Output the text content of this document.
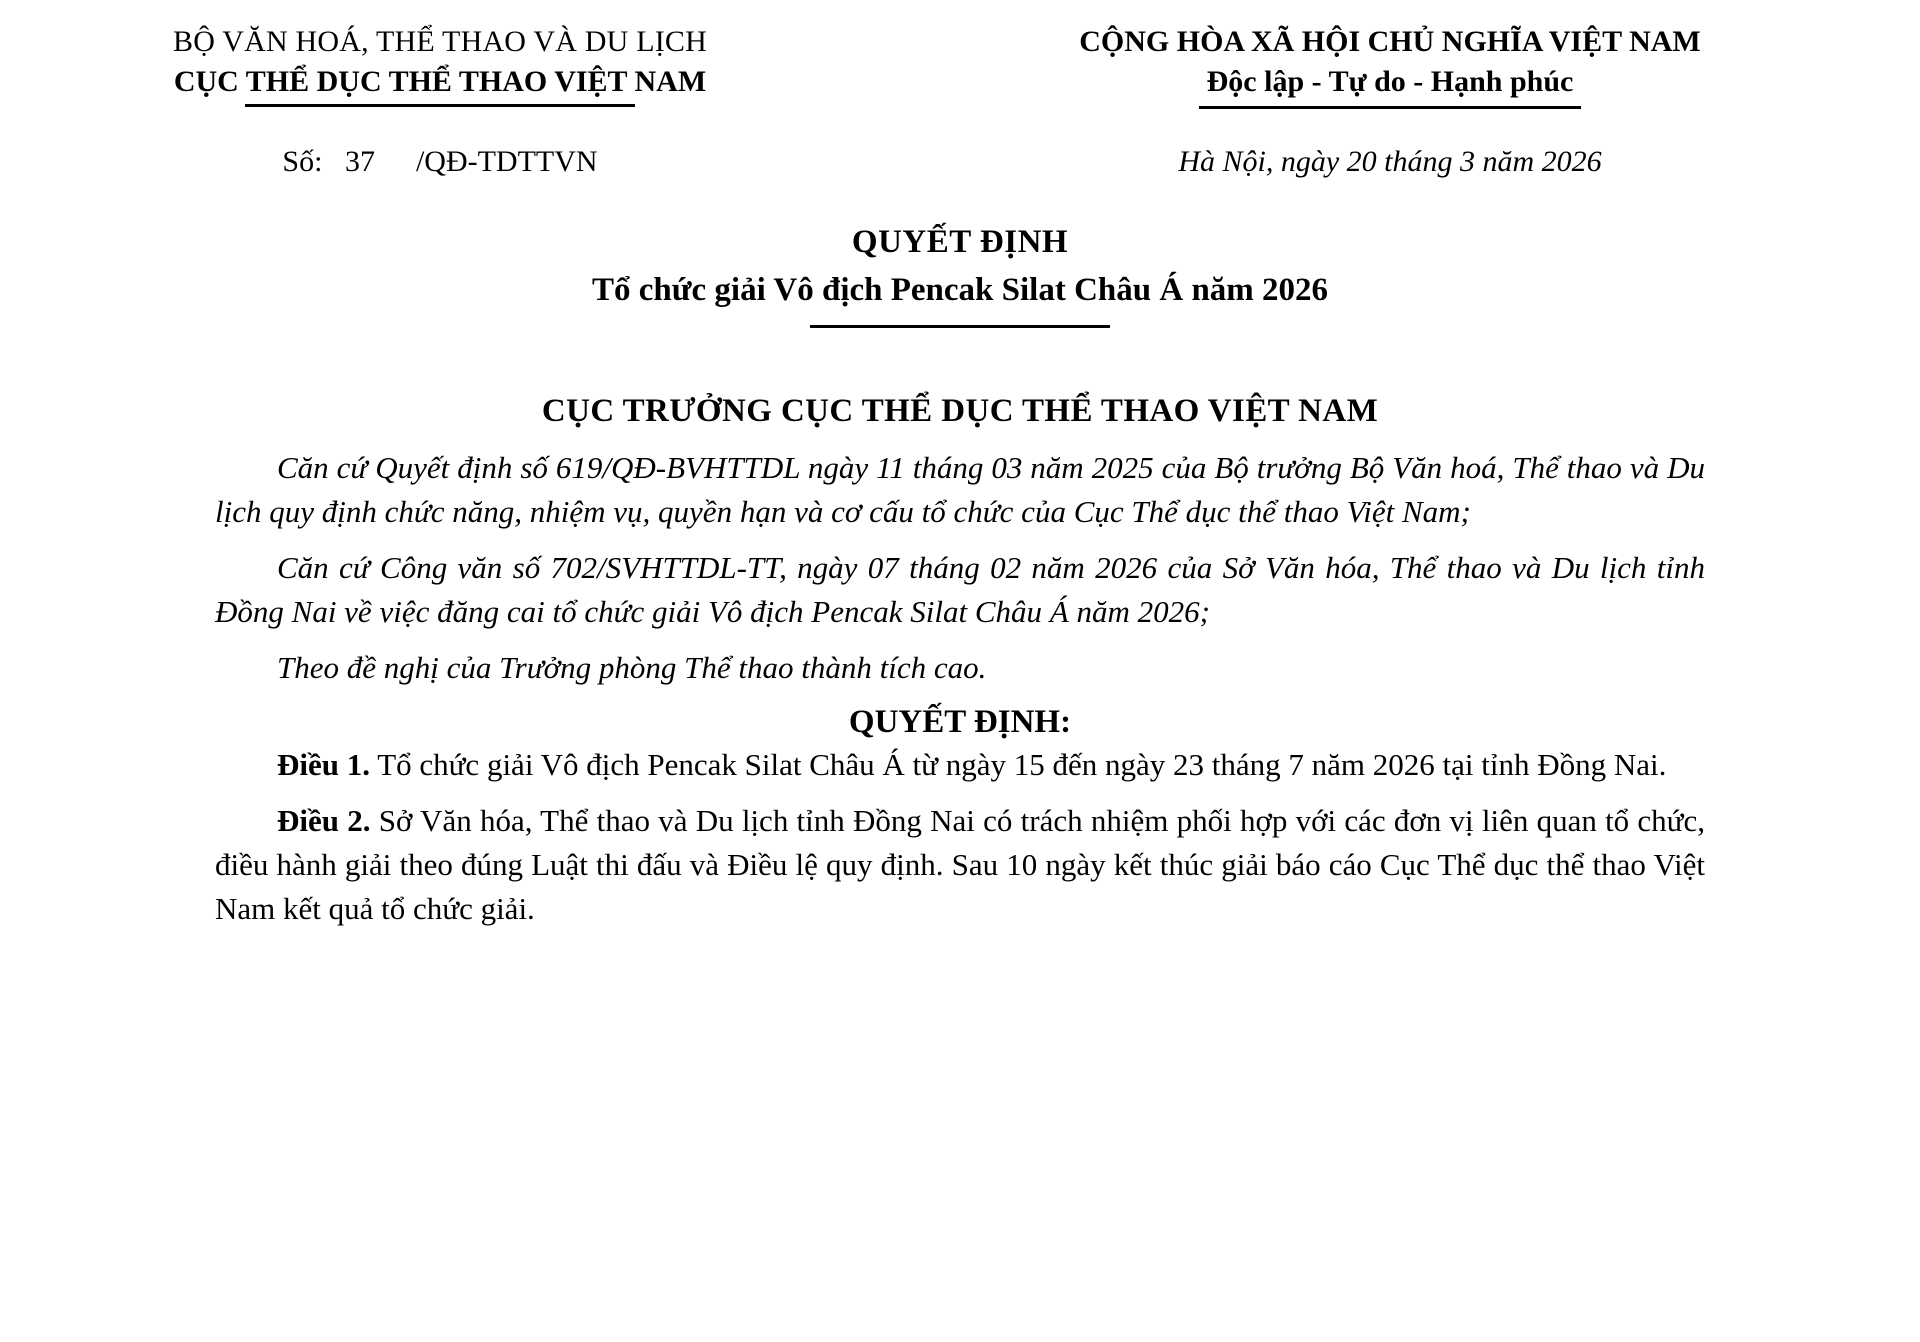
BỘ VĂN HOÁ, THỂ THAO VÀ DU LỊCH
CỤC THỂ DỤC THỂ THAO VIỆT NAM
CỘNG HÒA XÃ HỘI CHỦ NGHĨA VIỆT NAM
Độc lập - Tự do - Hạnh phúc
Số: 37 /QĐ-TDTTVN	Hà Nội, ngày 20 tháng 3 năm 2026
QUYẾT ĐỊNH
Tổ chức giải Vô địch Pencak Silat Châu Á năm 2026
CỤC TRƯỞNG CỤC THỂ DỤC THỂ THAO VIỆT NAM

Căn cứ Quyết định số 619/QĐ-BVHTTDL ngày 11 tháng 03 năm 2025 của Bộ trưởng Bộ Văn hoá, Thể thao và Du lịch quy định chức năng, nhiệm vụ, quyền hạn và cơ cấu tổ chức của Cục Thể dục thể thao Việt Nam;

Căn cứ Công văn số 702/SVHTTDL-TT, ngày 07 tháng 02 năm 2026 của Sở Văn hóa, Thể thao và Du lịch tỉnh Đồng Nai về việc đăng cai tổ chức giải Vô địch Pencak Silat Châu Á năm 2026;

Theo đề nghị của Trưởng phòng Thể thao thành tích cao.

QUYẾT ĐỊNH:

Điều 1. Tổ chức giải Vô địch Pencak Silat Châu Á từ ngày 15 đến ngày 23 tháng 7 năm 2026 tại tỉnh Đồng Nai.

Điều 2. Sở Văn hóa, Thể thao và Du lịch tỉnh Đồng Nai có trách nhiệm phối hợp với các đơn vị liên quan tổ chức, điều hành giải theo đúng Luật thi đấu và Điều lệ quy định. Sau 10 ngày kết thúc giải báo cáo Cục Thể dục thể thao Việt Nam kết quả tổ chức giải.
